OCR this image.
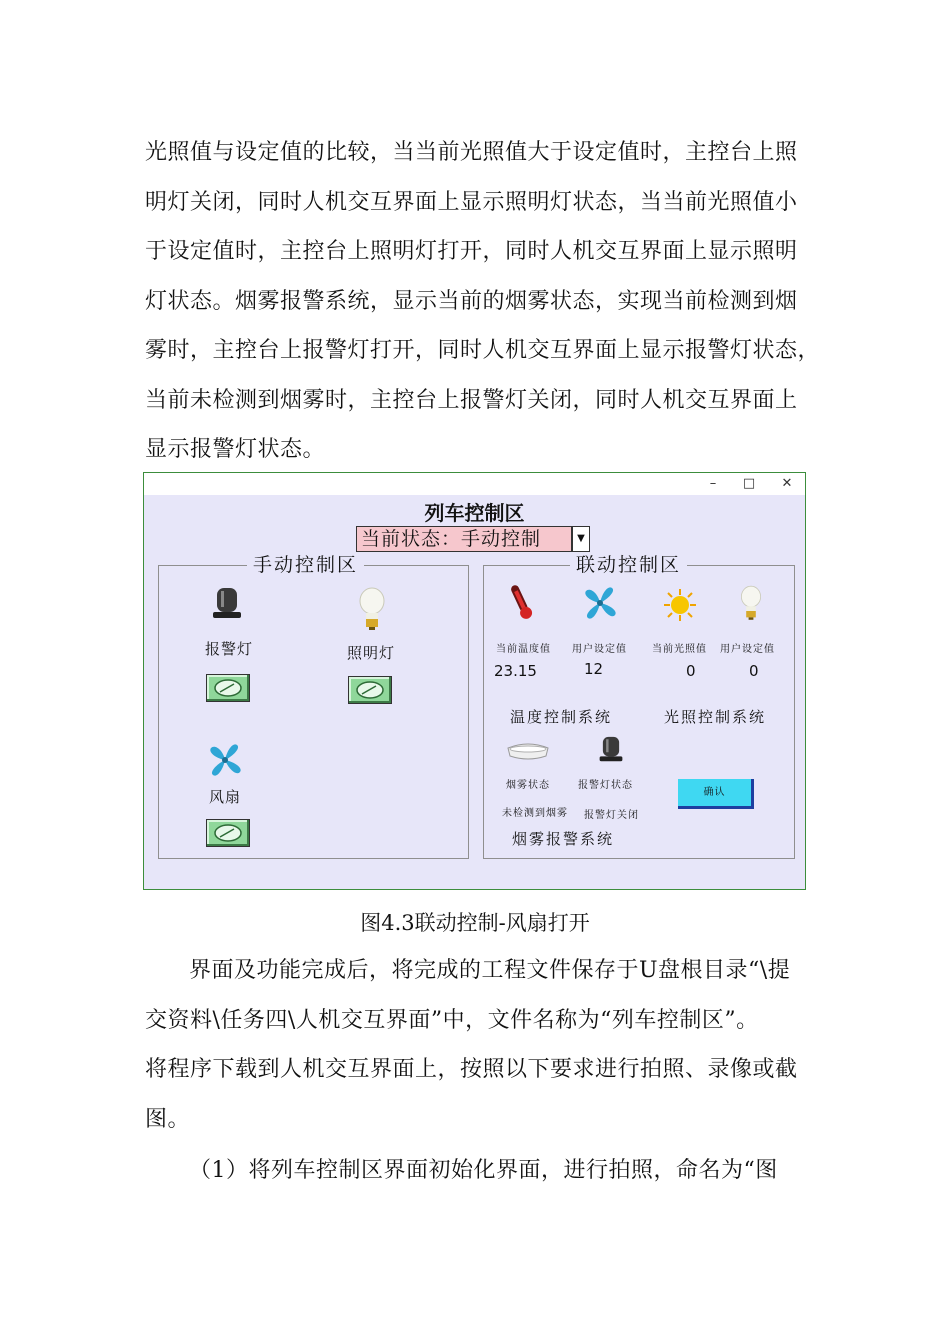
光照值与设定值的比较，当当前光照值大于设定值时，主控台上照
明灯关闭，同时人机交互界面上显示照明灯状态，当当前光照值小
于设定值时，主控台上照明灯打开，同时人机交互界面上显示照明
灯状态。烟雾报警系统，显示当前的烟雾状态，实现当前检测到烟
雾时，主控台上报警灯打开，同时人机交互界面上显示报警灯状态，
当前未检测到烟雾时，主控台上报警灯关闭，同时人机交互界面上
显示报警灯状态。
–	□	✕
列车控制区
当前状态：手动控制	▼
手动控制区
报警灯	照明灯
风扇
联动控制区
当前温度值 用户设定值	当前光照值 用户设定值
23.15	12	0	0
温度控制系统	光照控制系统
烟雾状态	报警灯状态
未检测到烟雾 报警灯关闭
烟雾报警系统
确认
图4.3联动控制-风扇打开
界面及功能完成后，将完成的工程文件保存于U盘根目录“\提
交资料\任务四\人机交互界面”中，文件名称为“列车控制区”。
将程序下载到人机交互界面上，按照以下要求进行拍照、录像或截
图。
（1）将列车控制区界面初始化界面，进行拍照，命名为“图
